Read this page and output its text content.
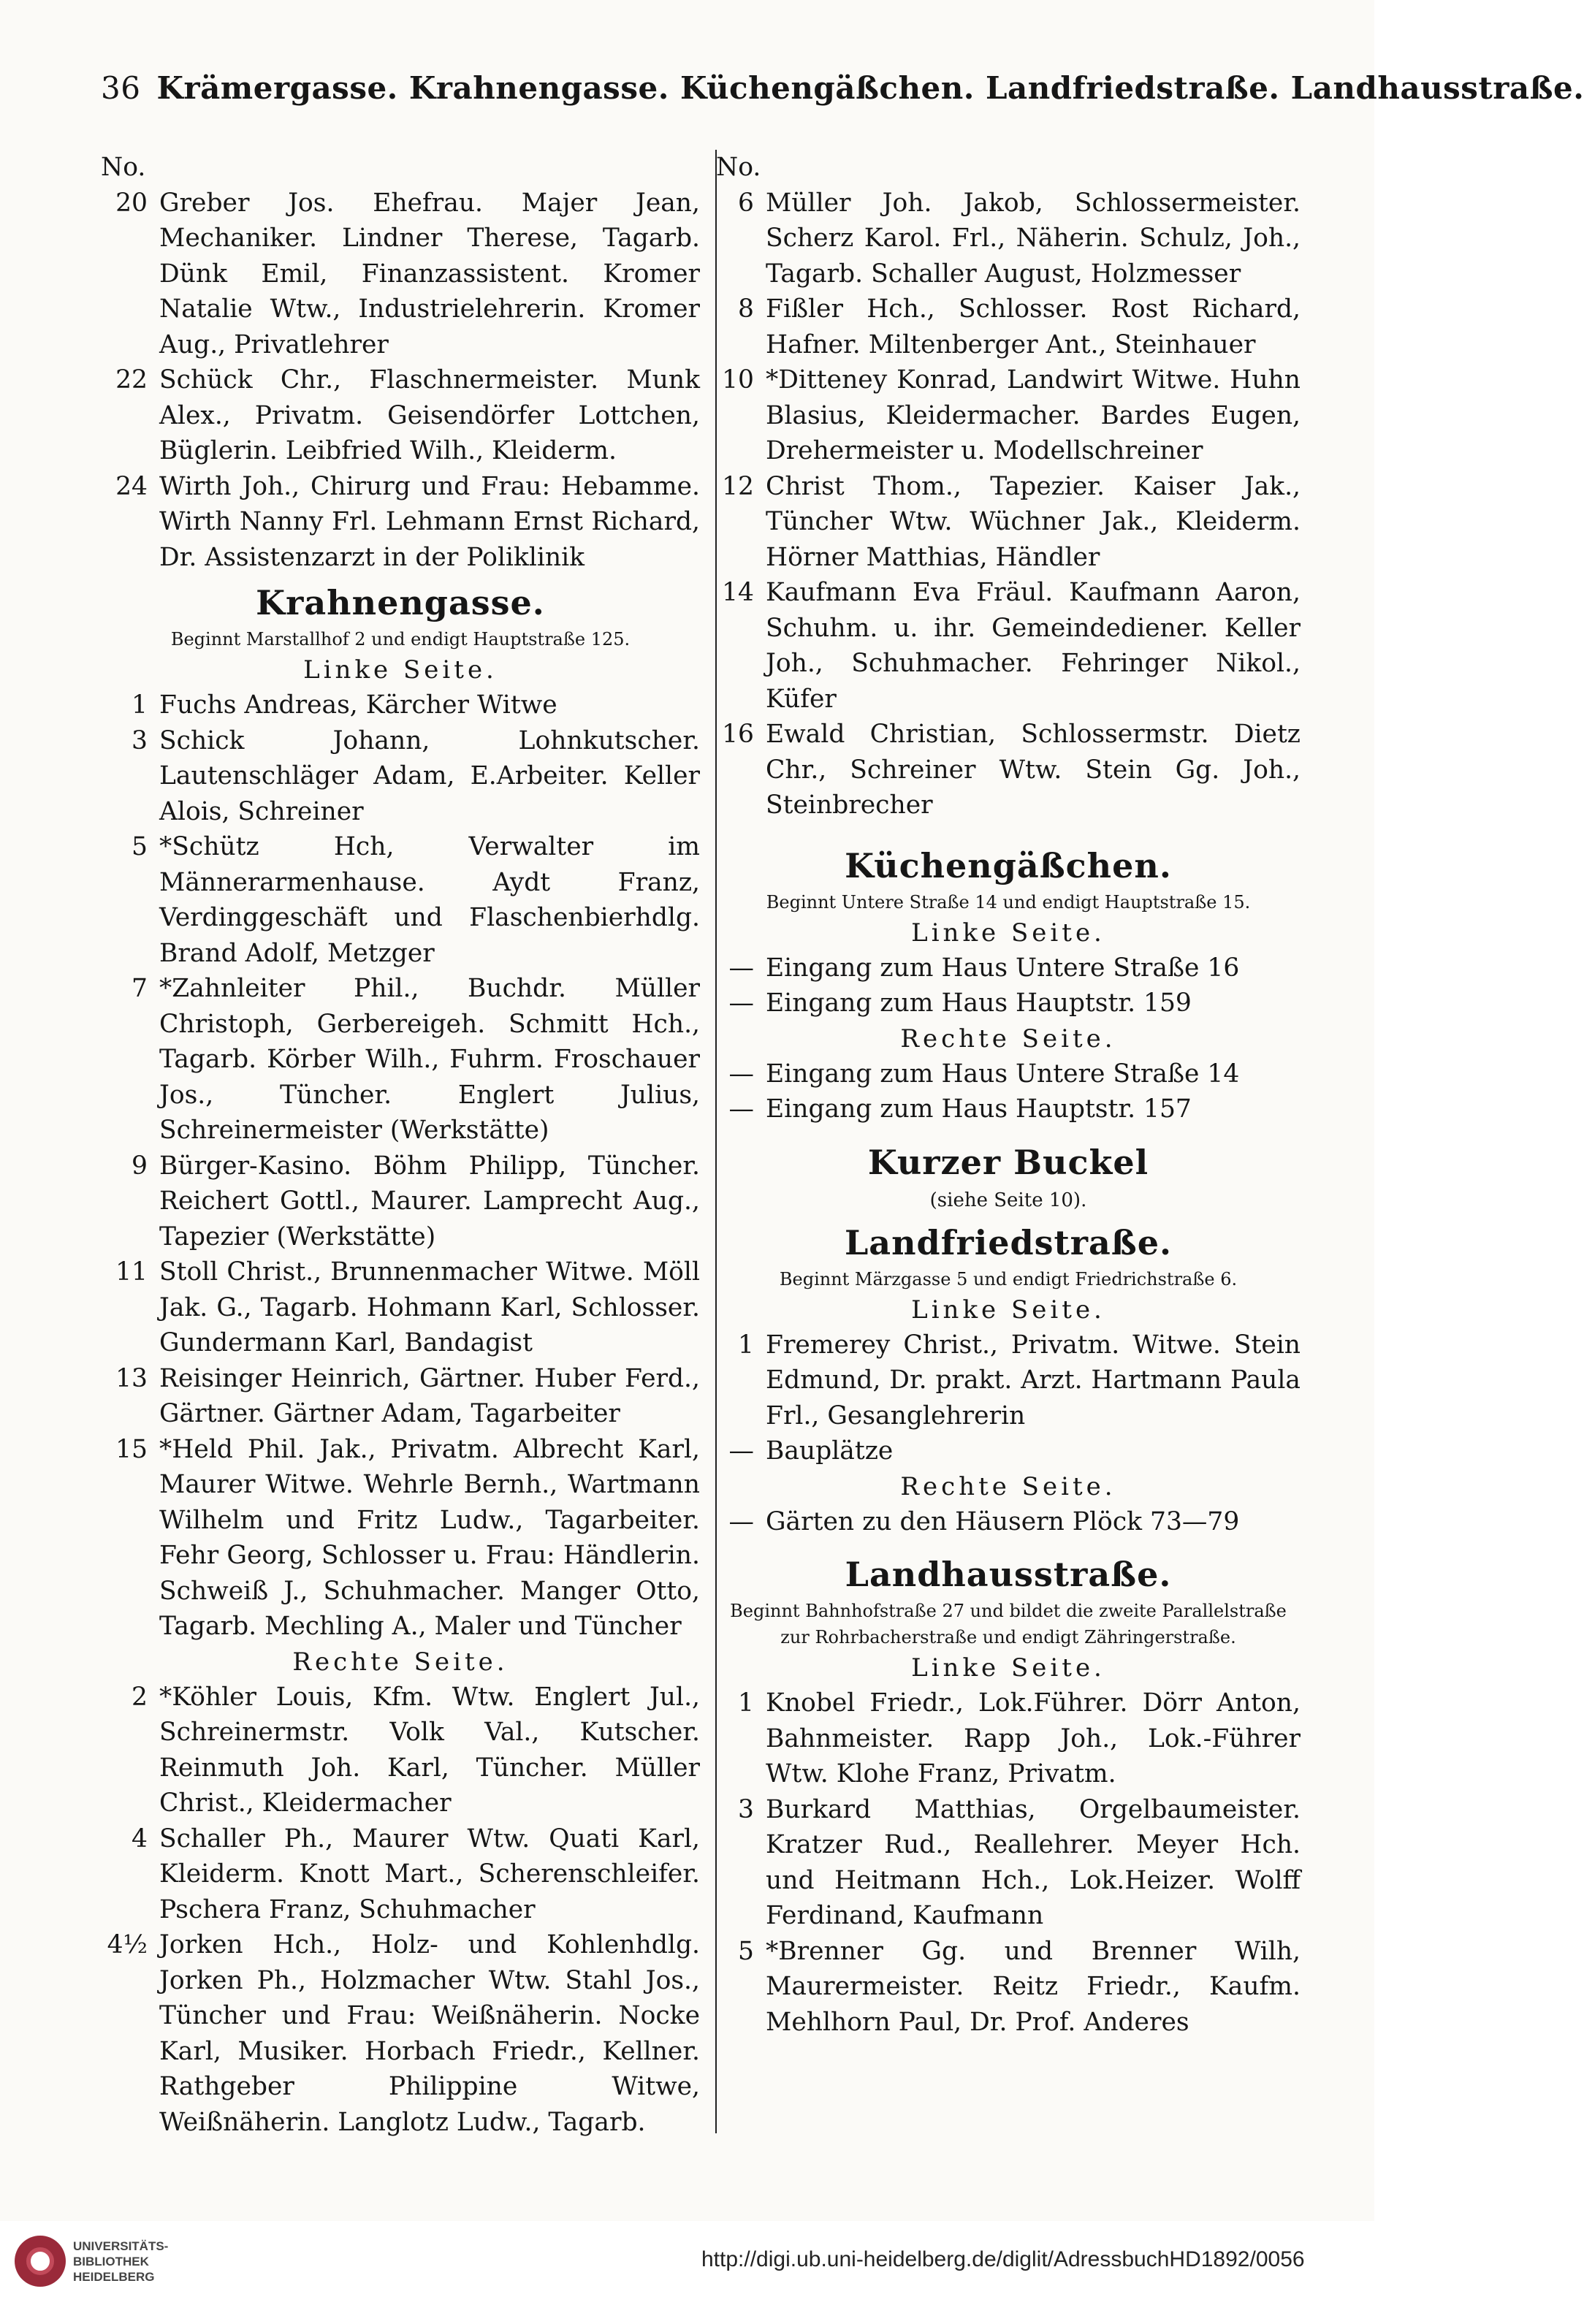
36 Krämergasse. Krahnengasse. Küchengäßchen. Landfriedstraße. Landhausstraße.
No.
20 Greber Jos. Ehefrau. Majer Jean, Mechaniker. Lindner Therese, Tagarb. Dünk Emil, Finanzassistent. Kromer Natalie Wtw., Industrielehrerin. Kromer Aug., Privatlehrer
22 Schück Chr., Flaschnermeister. Munk Alex., Privatm. Geisendörfer Lottchen, Büglerin. Leibfried Wilh., Kleiderm.
24 Wirth Joh., Chirurg und Frau: Hebamme. Wirth Nanny Frl. Lehmann Ernst Richard, Dr. Assistenzarzt in der Poliklinik
Krahnengasse.
Beginnt Marstallhof 2 und endigt Hauptstraße 125.
Linke Seite.
1 Fuchs Andreas, Kärcher Witwe
3 Schick Johann, Lohnkutscher. Lautenschläger Adam, E.Arbeiter. Keller Alois, Schreiner
5 *Schütz Hch, Verwalter im Männerarmenhause. Aydt Franz, Verdinggeschäft und Flaschenbierhdlg. Brand Adolf, Metzger
7 *Zahnleiter Phil., Buchdr. Müller Christoph, Gerbereigeh. Schmitt Hch., Tagarb. Körber Wilh., Fuhrm. Froschauer Jos., Tüncher. Englert Julius, Schreinermeister (Werkstätte)
9 Bürger-Kasino. Böhm Philipp, Tüncher. Reichert Gottl., Maurer. Lamprecht Aug., Tapezier (Werkstätte)
11 Stoll Christ., Brunnenmacher Witwe. Möll Jak. G., Tagarb. Hohmann Karl, Schlosser. Gundermann Karl, Bandagist
13 Reisinger Heinrich, Gärtner. Huber Ferd., Gärtner. Gärtner Adam, Tagarbeiter
15 *Held Phil. Jak., Privatm. Albrecht Karl, Maurer Witwe. Wehrle Bernh., Wartmann Wilhelm und Fritz Ludw., Tagarbeiter. Fehr Georg, Schlosser u. Frau: Händlerin. Schweiß J., Schuhmacher. Manger Otto, Tagarb. Mechling A., Maler und Tüncher
Rechte Seite.
2 *Köhler Louis, Kfm. Wtw. Englert Jul., Schreinermstr. Volk Val., Kutscher. Reinmuth Joh. Karl, Tüncher. Müller Christ., Kleidermacher
4 Schaller Ph., Maurer Wtw. Quati Karl, Kleiderm. Knott Mart., Scherenschleifer. Pschera Franz, Schuhmacher
4½ Jorken Hch., Holz- und Kohlenhdlg. Jorken Ph., Holzmacher Wtw. Stahl Jos., Tüncher und Frau: Weißnäherin. Nocke Karl, Musiker. Horbach Friedr., Kellner. Rathgeber Philippine Witwe, Weißnäherin. Langlotz Ludw., Tagarb.
No.
6 Müller Joh. Jakob, Schlossermeister. Scherz Karol. Frl., Näherin. Schulz, Joh., Tagarb. Schaller August, Holzmesser
8 Fißler Hch., Schlosser. Rost Richard, Hafner. Miltenberger Ant., Steinhauer
10 *Ditteney Konrad, Landwirt Witwe. Huhn Blasius, Kleidermacher. Bardes Eugen, Drehermeister u. Modellschreiner
12 Christ Thom., Tapezier. Kaiser Jak., Tüncher Wtw. Wüchner Jak., Kleiderm. Hörner Matthias, Händler
14 Kaufmann Eva Fräul. Kaufmann Aaron, Schuhm. u. ihr. Gemeindediener. Keller Joh., Schuhmacher. Fehringer Nikol., Küfer
16 Ewald Christian, Schlossermstr. Dietz Chr., Schreiner Wtw. Stein Gg. Joh., Steinbrecher
Küchengäßchen.
Beginnt Untere Straße 14 und endigt Hauptstraße 15.
Linke Seite.
— Eingang zum Haus Untere Straße 16
— Eingang zum Haus Hauptstr. 159
Rechte Seite.
— Eingang zum Haus Untere Straße 14
— Eingang zum Haus Hauptstr. 157
Kurzer Buckel
(siehe Seite 10).
Landfriedstraße.
Beginnt Märzgasse 5 und endigt Friedrichstraße 6.
Linke Seite.
1 Fremerey Christ., Privatm. Witwe. Stein Edmund, Dr. prakt. Arzt. Hartmann Paula Frl., Gesanglehrerin
— Bauplätze
Rechte Seite.
— Gärten zu den Häusern Plöck 73—79
Landhausstraße.
Beginnt Bahnhofstraße 27 und bildet die zweite Parallelstraße zur Rohrbacherstraße und endigt Zähringerstraße.
Linke Seite.
1 Knobel Friedr., Lok.Führer. Dörr Anton, Bahnmeister. Rapp Joh., Lok.-Führer Wtw. Klohe Franz, Privatm.
3 Burkard Matthias, Orgelbaumeister. Kratzer Rud., Reallehrer. Meyer Hch. und Heitmann Hch., Lok.Heizer. Wolff Ferdinand, Kaufmann
5 *Brenner Gg. und Brenner Wilh, Maurermeister. Reitz Friedr., Kaufm. Mehlhorn Paul, Dr. Prof. Anderes
UNIVERSITÄTS-
BIBLIOTHEK
HEIDELBERG
http://digi.ub.uni-heidelberg.de/diglit/AdressbuchHD1892/0056
